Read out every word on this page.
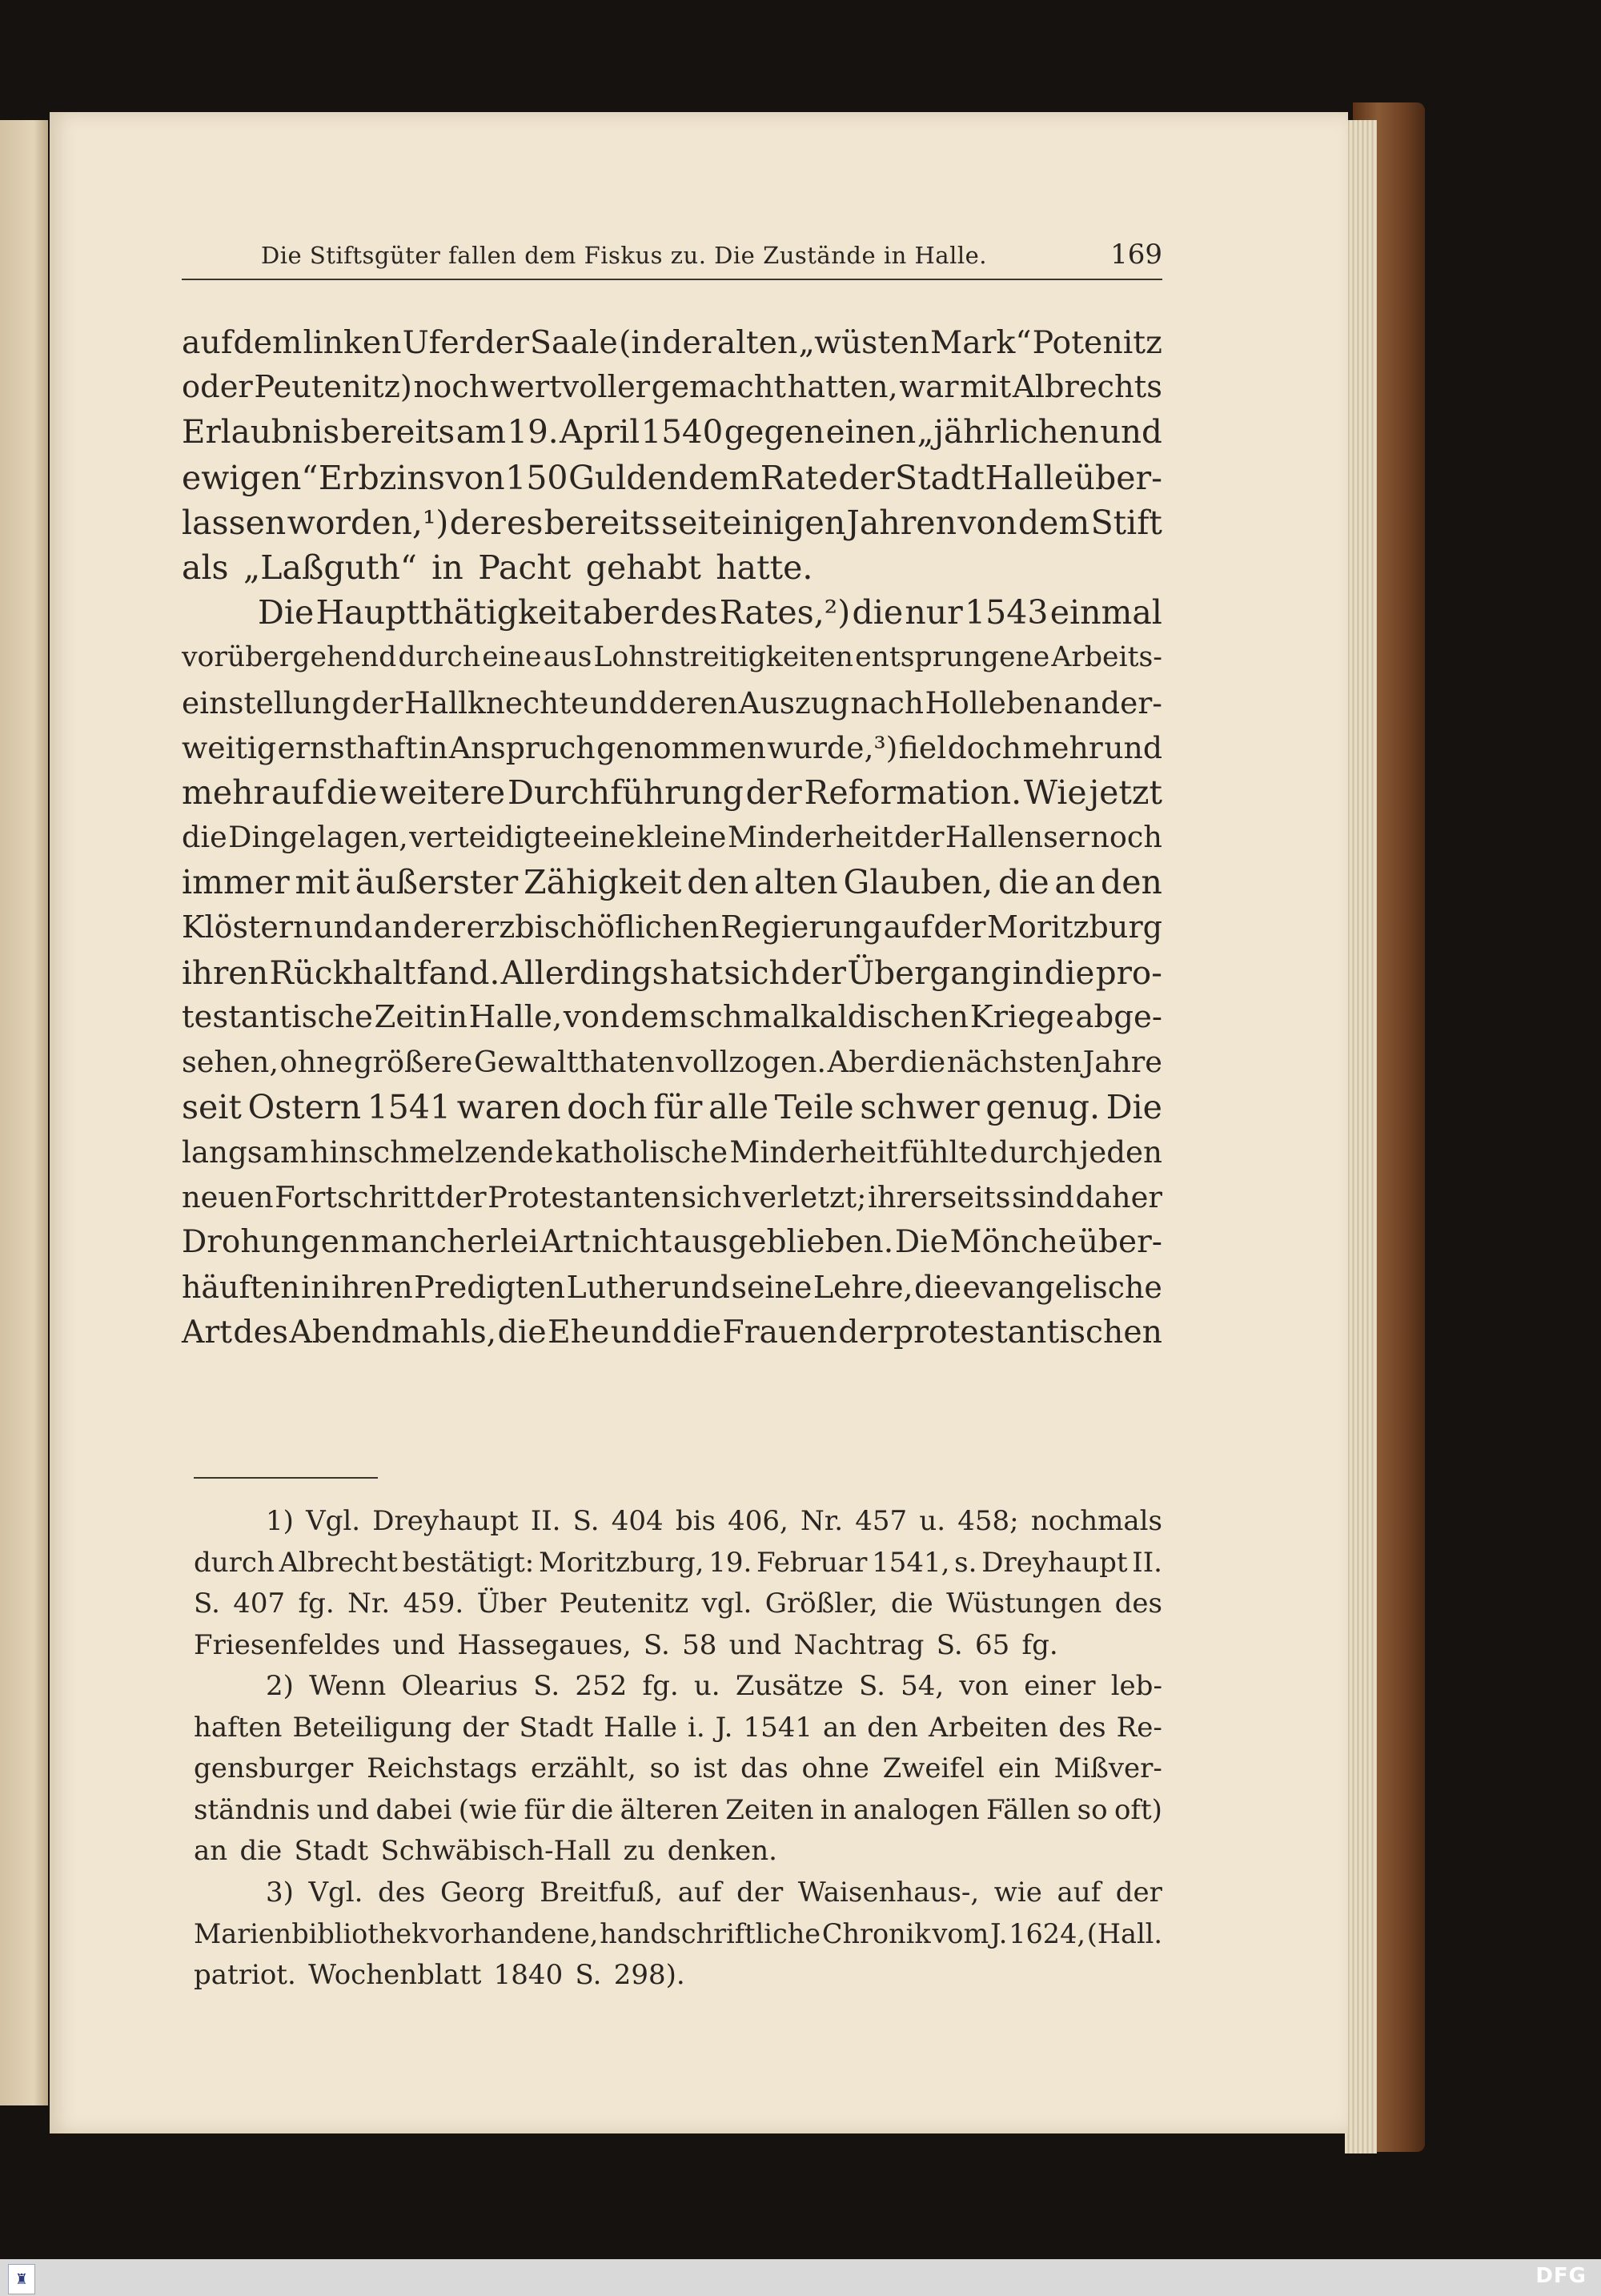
Die Stiftsgüter fallen dem Fiskus zu. Die Zustände in Halle.	169
auf dem linken Ufer der Saale (in der alten „wüsten Mark“ Potenitz
oder Peutenitz) noch wertvoller gemacht hatten, war mit Albrechts
Erlaubnis bereits am 19. April 1540 gegen einen „jährlichen und
ewigen“ Erbzins von 150 Gulden dem Rate der Stadt Halle über-
lassen worden,¹) der es bereits seit einigen Jahren von dem Stift
als „Laßguth“ in Pacht gehabt hatte.
Die Hauptthätigkeit aber des Rates,²) die nur 1543 einmal
vorübergehend durch eine aus Lohnstreitigkeiten entsprungene Arbeits-
einstellung der Hallknechte und deren Auszug nach Holleben ander-
weitig ernsthaft in Anspruch genommen wurde,³) fiel doch mehr und
mehr auf die weitere Durchführung der Reformation. Wie jetzt
die Dinge lagen, verteidigte eine kleine Minderheit der Hallenser noch
immer mit äußerster Zähigkeit den alten Glauben, die an den
Klöstern und an der erzbischöflichen Regierung auf der Moritzburg
ihren Rückhalt fand. Allerdings hat sich der Übergang in die pro-
testantische Zeit in Halle, von dem schmalkaldischen Kriege abge-
sehen, ohne größere Gewaltthaten vollzogen. Aber die nächsten Jahre
seit Ostern 1541 waren doch für alle Teile schwer genug. Die
langsam hinschmelzende katholische Minderheit fühlte durch jeden
neuen Fortschritt der Protestanten sich verletzt; ihrerseits sind daher
Drohungen mancherlei Art nicht ausgeblieben. Die Mönche über-
häuften in ihren Predigten Luther und seine Lehre, die evangelische
Art des Abendmahls, die Ehe und die Frauen der protestantischen
1) Vgl. Dreyhaupt II. S. 404 bis 406, Nr. 457 u. 458; nochmals
durch Albrecht bestätigt: Moritzburg, 19. Februar 1541, s. Dreyhaupt II.
S. 407 fg. Nr. 459. Über Peutenitz vgl. Größler, die Wüstungen des
Friesenfeldes und Hassegaues, S. 58 und Nachtrag S. 65 fg.
2) Wenn Olearius S. 252 fg. u. Zusätze S. 54, von einer leb-
haften Beteiligung der Stadt Halle i. J. 1541 an den Arbeiten des Re-
gensburger Reichstags erzählt, so ist das ohne Zweifel ein Mißver-
ständnis und dabei (wie für die älteren Zeiten in analogen Fällen so oft)
an die Stadt Schwäbisch-Hall zu denken.
3) Vgl. des Georg Breitfuß, auf der Waisenhaus-, wie auf der
Marienbibliothek vorhandene, handschriftliche Chronik vom J. 1624, (Hall.
patriot. Wochenblatt 1840 S. 298).
♜	DFG
